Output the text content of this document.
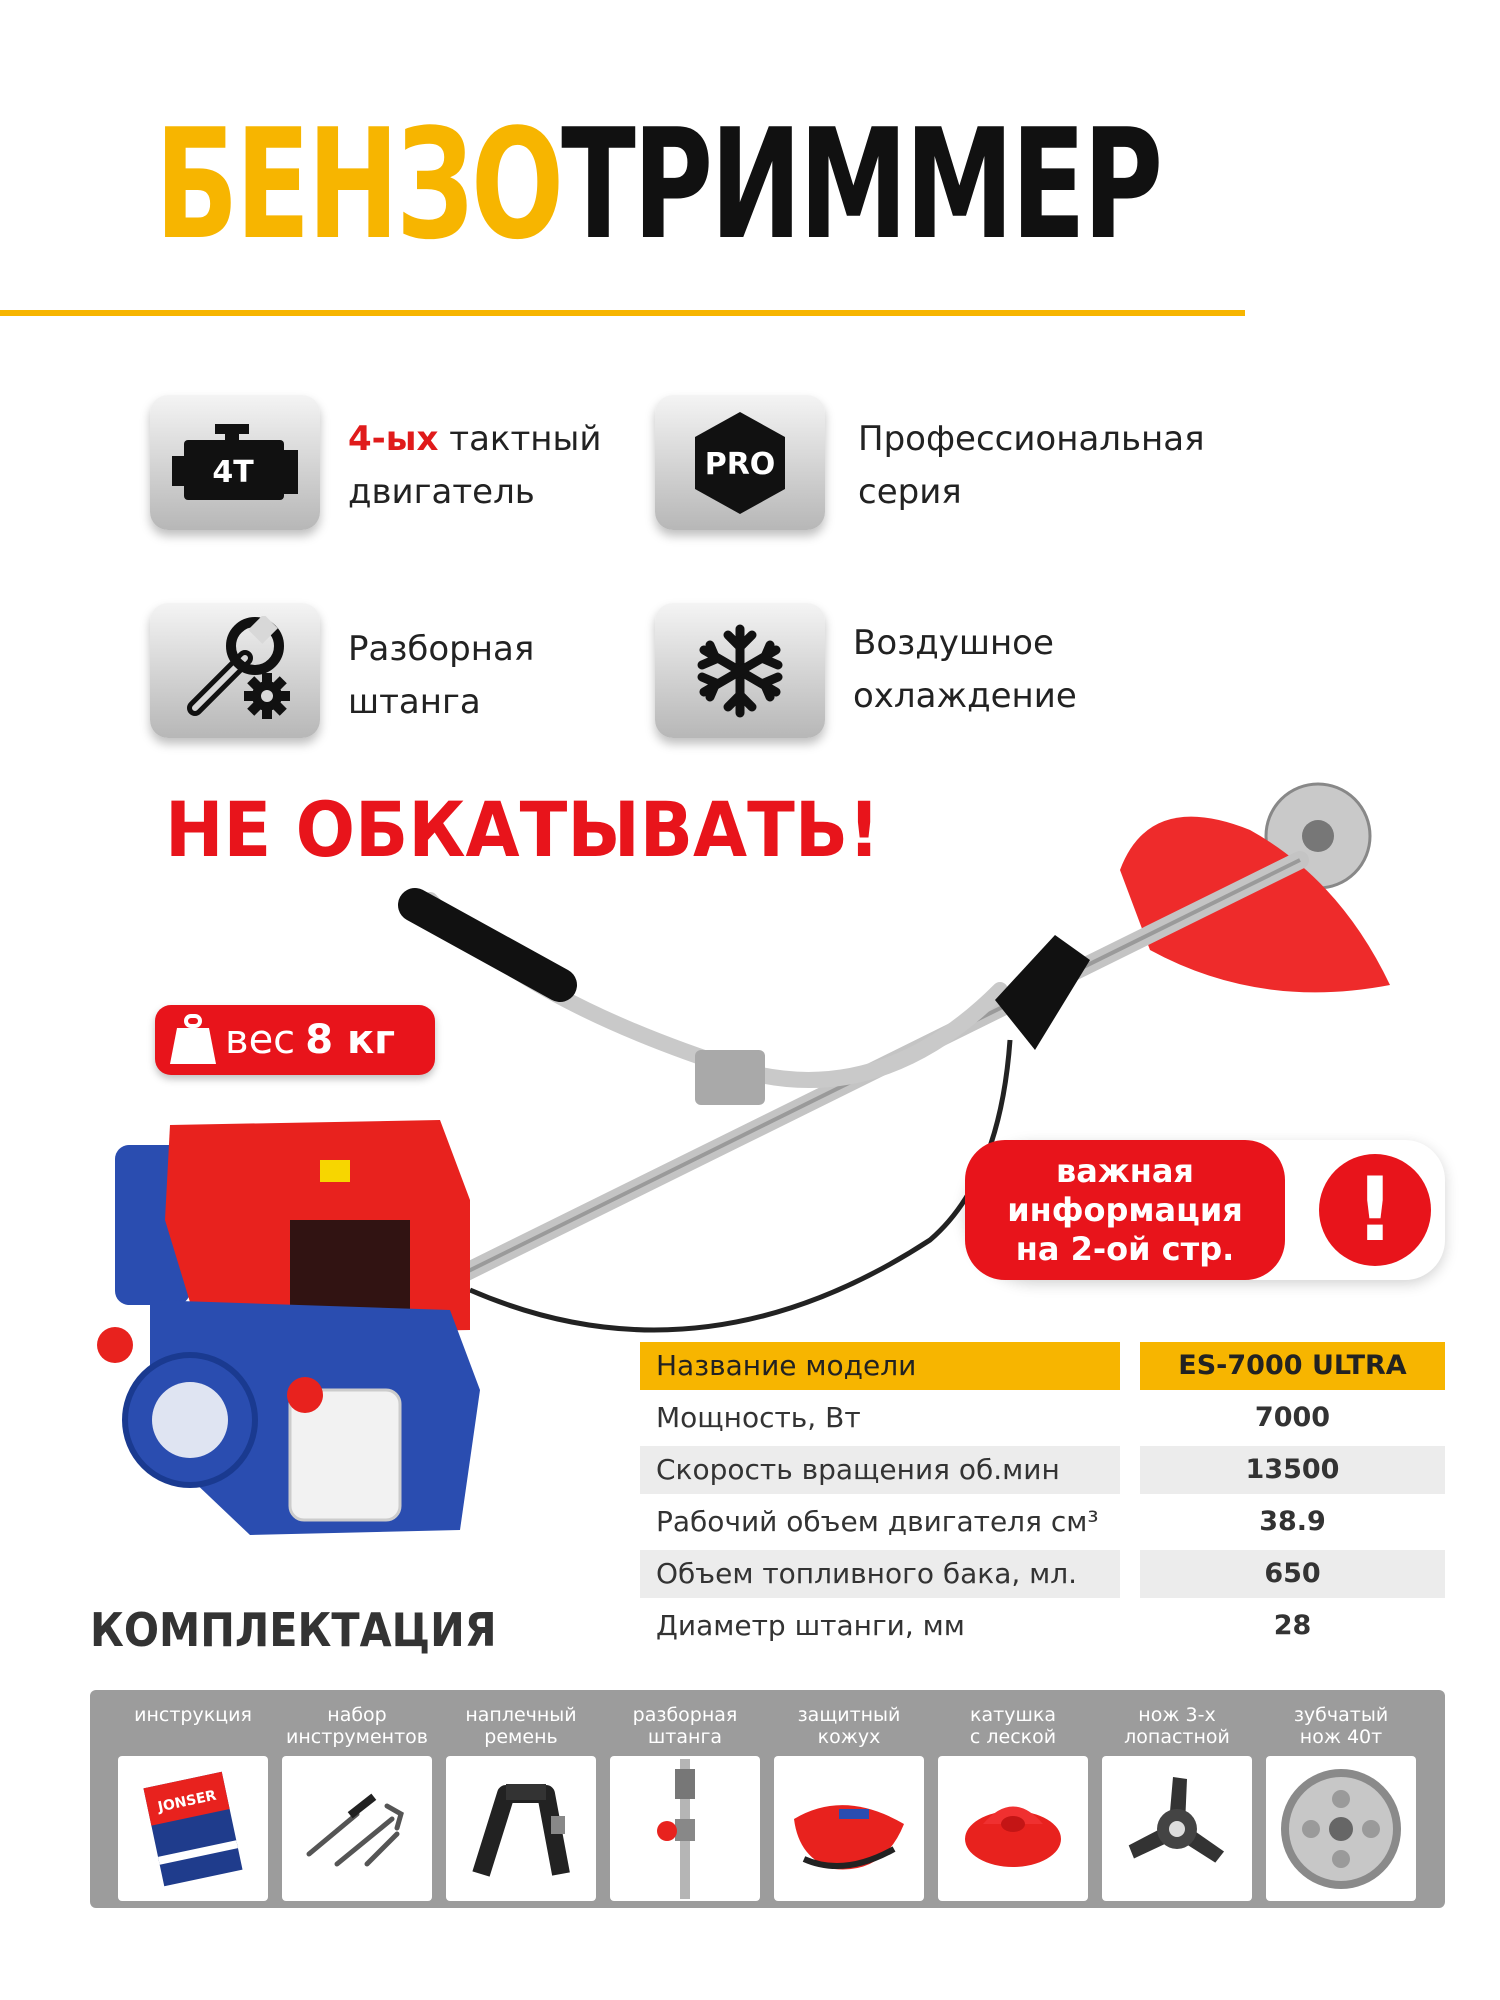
БЕНЗОТРИММЕР
4T
4-ых тактный
двигатель
PRO
Профессиональная
серия
Разборная
штанга
Воздушное
охлаждение
НЕ ОБКАТЫВАТЬ!
вес 8 кг
важная
информация
на 2-ой стр.	!
Название модели	ES-7000 ULTRA
Мощность, Вт	7000
Скорость вращения об.мин	13500
Рабочий объем двигателя см³	38.9
Объем топливного бака, мл.	650
Диаметр штанги, мм	28
КОМПЛЕКТАЦИЯ
инструкция
JONSER
набор
инструментов
наплечный
ремень
разборная
штанга
защитный
кожух
катушка
с леской
нож 3-х
лопастной
зубчатый
нож 40т
